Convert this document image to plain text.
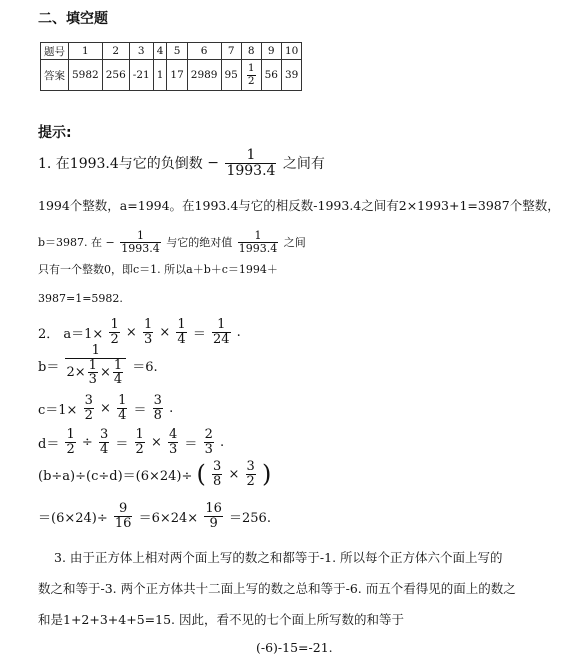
二、填空题
题号	1	2	3	4	5	6	7	8	9	10
答案	5982	256	-21	1	17	2989	95	$\frac{1}{2}$	56	39
提示:
1. 在1993.4与它的负倒数 − $\frac{1}{1993.4}$ 之间有
1994个整数，a=1994。在1993.4与它的相反数-1993.4之间有2×1993+1=3987个整数，
b＝3987. 在 − $\frac{1}{1993.4}$ 与它的绝对值 $\frac{1}{1993.4}$ 之间
只有一个整数0，即c＝1. 所以a＋b＋c＝1994＋
3987=1=5982.
2． $a=1\times \frac{1}{2} \times \frac{1}{3} \times \frac{1}{4} = \frac{1}{24}$ .
$b= \frac{1}{2\times \frac{1}{3} \times \frac{1}{4}} =6$.
$c=1\times \frac{3}{2} \times \frac{1}{4} = \frac{3}{8}$ .
$d= \frac{1}{2} \div \frac{3}{4} = \frac{1}{2} \times \frac{4}{3} = \frac{2}{3}$ .
(b÷a)÷(c÷d)＝(6×24)÷ ( $\frac{3}{8} \times \frac{3}{2}$ )
$=(6\times 24)\div \frac{9}{16} =6\times 24\times \frac{16}{9} =256$.
3. 由于正方体上相对两个面上写的数之和都等于-1. 所以每个正方体六个面上写的
数之和等于-3. 两个正方体共十二面上写的数之总和等于-6. 而五个看得见的面上的数之
和是1+2+3+4+5=15. 因此，看不见的七个面上所写数的和等于
(-6)-15=-21.
